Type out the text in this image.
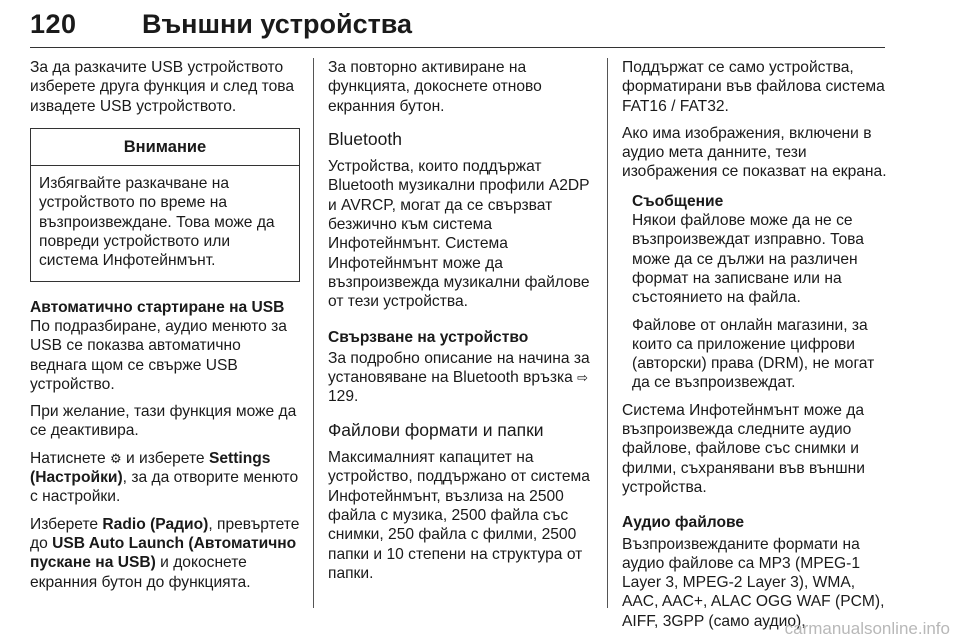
120 Външни устройства

За да разкачите USB устройството изберете друга функция и след това извадете USB устройството.

Внимание
Избягвайте разкачване на устройството по време на възпроизвеждане. Това може да повреди устройството или система Инфотейнмънт.
Автоматично стартиране на USB

По подразбиране, аудио менюто за USB се показва автоматично веднага щом се свърже USB устройство.

При желание, тази функция може да се деактивира.

Натиснете ⚙ и изберете Settings (Настройки), за да отворите менюто с настройки.

Изберете Radio (Радио), превъртете до USB Auto Launch (Автоматично пускане на USB) и докоснете екранния бутон до функцията.

За повторно активиране на функцията, докоснете отново екранния бутон.

Bluetooth

Устройства, които поддържат Bluetooth музикални профили A2DP и AVRCP, могат да се свързват безжично към система Инфотейнмънт. Система Инфотейнмънт може да възпроизвежда музикални файлове от тези устройства.

Свързване на устройство

За подробно описание на начина за установяване на Bluetooth връзка ⇨ 129.

Файлови формати и папки

Максималният капацитет на устройство, поддържано от система Инфотейнмънт, възлиза на 2500 файла с музика, 2500 файла със снимки, 250 файла с филми, 2500 папки и 10 степени на структура от папки.

Поддържат се само устройства, форматирани във файлова система FAT16 / FAT32.

Ако има изображения, включени в аудио мета данните, тези изображения се показват на екрана.

Съобщение

Някои файлове може да не се възпроизвеждат изправно. Това може да се дължи на различен формат на записване или на състоянието на файла.

Файлове от онлайн магазини, за които са приложение цифрови (авторски) права (DRM), не могат да се възпроизвеждат.

Система Инфотейнмънт може да възпроизвежда следните аудио файлове, файлове със снимки и филми, съхранявани във външни устройства.

Аудио файлове

Възпроизвежданите формати на аудио файлове са MP3 (MPEG-1 Layer 3, MPEG-2 Layer 3), WMA, AAC, AAC+, ALAC OGG WAF (PCM), AIFF, 3GPP (само аудио),

carmanualsonline.info
